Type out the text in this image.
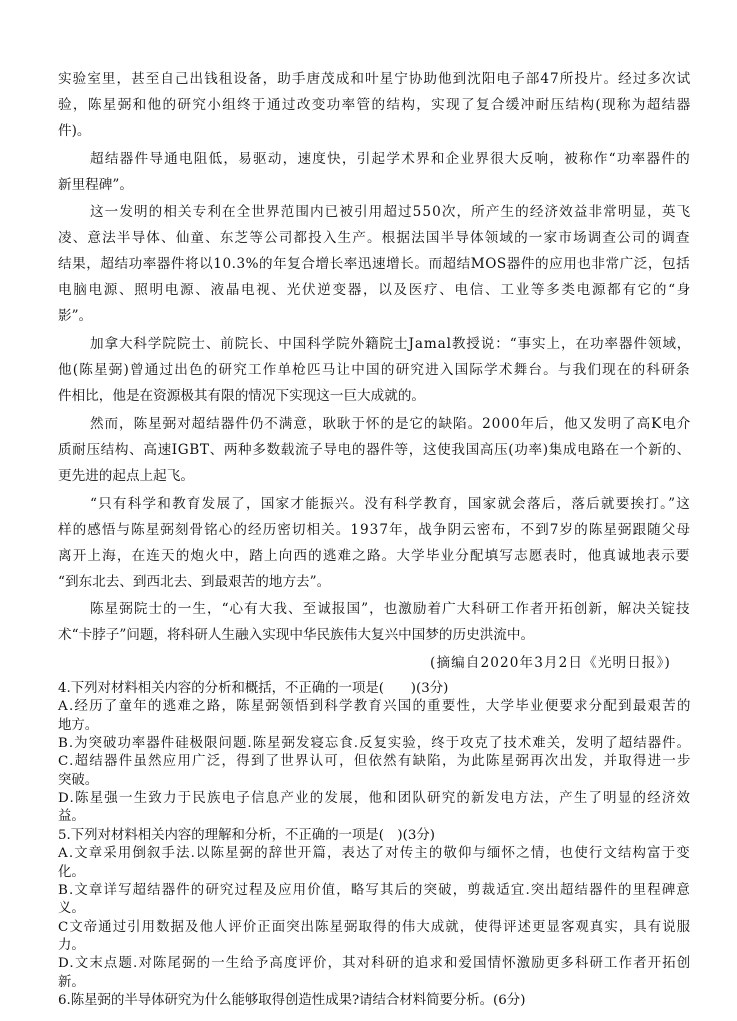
实验室里，甚至自己出钱租设备，助手唐茂成和叶星宁协助他到沈阳电子部47所投片。经过多次试
验，陈星弼和他的研究小组终于通过改变功率管的结构，实现了复合缓冲耐压结构(现称为超结器
件)。
超结器件导通电阻低，易驱动，速度快，引起学术界和企业界很大反响，被称作“功率器件的
新里程碑”。
这一发明的相关专利在全世界范围内已被引用超过550次，所产生的经济效益非常明显，英飞
凌、意法半导体、仙童、东芝等公司都投入生产。根据法国半导体领域的一家市场调查公司的调查
结果，超结功率器件将以10.3%的年复合增长率迅速增长。而超结MOS器件的应用也非常广泛，包括
电脑电源、照明电源、液晶电视、光伏逆变器，以及医疗、电信、工业等多类电源都有它的“身
影”。
加拿大科学院院士、前院长、中国科学院外籍院士Jamal教授说：“事实上，在功率器件领域，
他(陈星弼)曾通过出色的研究工作单枪匹马让中国的研究进入国际学术舞台。与我们现在的科研条
件相比，他是在资源极其有限的情况下实现这一巨大成就的。
然而，陈星弼对超结器件仍不满意，耿耿于怀的是它的缺陷。2000年后，他又发明了高K电介
质耐压结构、高速IGBT、两种多数载流子导电的器件等，这使我国高压(功率)集成电路在一个新的、
更先进的起点上起飞。
“只有科学和教育发展了，国家才能振兴。没有科学教育，国家就会落后，落后就要挨打。”这
样的感悟与陈星弼刻骨铭心的经历密切相关。1937年，战争阴云密布，不到7岁的陈星弼跟随父母
离开上海，在连天的炮火中，踏上向西的逃难之路。大学毕业分配填写志愿表时，他真诚地表示要
“到东北去、到西北去、到最艰苦的地方去”。
陈星弼院士的一生，“心有大我、至诚报国”，也激励着广大科研工作者开拓创新，解决关锭技
术“卡脖子”问题，将科研人生融入实现中华民族伟大复兴中国梦的历史洪流中。
(摘编自2020年3月2日《光明日报》)
4.下列对材料相关内容的分析和概括，不正确的一项是(　　)(3分)
A.经历了童年的逃难之路，陈星弼领悟到科学教育兴国的重要性，大学毕业便要求分配到最艰苦的
地方。
B.为突破功率器件硅极限问题.陈星弼发寝忘食.反复实验，终于攻克了技术难关，发明了超结器件。
C.超结器件虽然应用广泛，得到了世界认可，但依然有缺陷，为此陈星弼再次出发，并取得进一步
突破。
D.陈星强一生致力于民族电子信息产业的发展，他和团队研究的新发电方法，产生了明显的经济效
益。
5.下列对材料相关内容的理解和分析，不正确的一项是(　)(3分)
A.文章采用倒叙手法.以陈星弼的辞世开篇，表达了对传主的敬仰与缅怀之情，也使行文结构富于变
化。
B.文章详写超结器件的研究过程及应用价值，略写其后的突破，剪裁适宜.突出超结器件的里程碑意
义。
C文帝通过引用数据及他人评价正面突出陈星弼取得的伟大成就，使得评述更显客观真实，具有说服
力。
D.文末点题.对陈尾弼的一生给予高度评价，其对科研的追求和爱国情怀激励更多科研工作者开拓创
新。
6.陈星弼的半导体研究为什么能够取得创造性成果?请结合材料简要分析。(6分)
